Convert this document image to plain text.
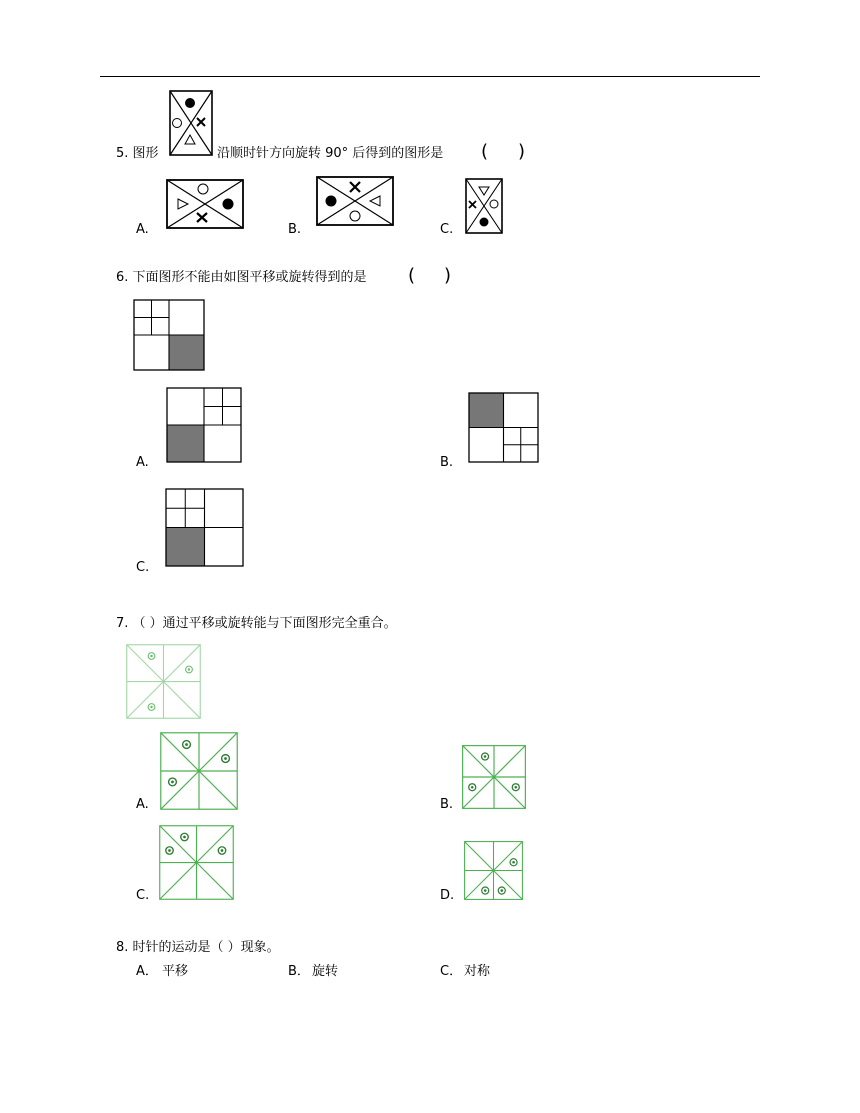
5. 图形	沿顺时针方向旋转 90° 后得到的图形是 ( )
A.	B.	C.
6. 下面图形不能由如图平移或旋转得到的是 ( )
A.	B.
C.
7. （ ）通过平移或旋转能与下面图形完全重合。
A.	B.
C.	D.
8. 时针的运动是（ ）现象。
A． 平移	B． 旋转	C． 对称
